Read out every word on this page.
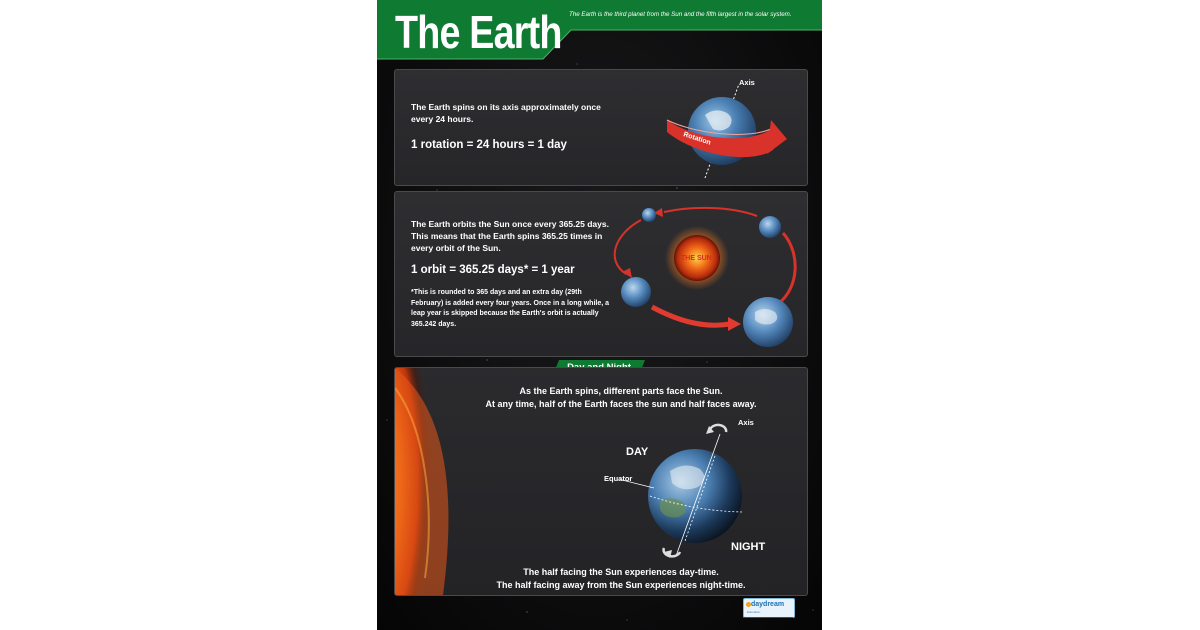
The Earth The Earth is the third planet from the Sun and the fifth largest in the solar system.
The Earth spins on its axis approximately once every 24 hours.
1 rotation = 24 hours = 1 day	Rotation
Axis
The Earth orbits the Sun once every 365.25 days. This means that the Earth spins 365.25 times in every orbit of the Sun.
1 orbit = 365.25 days* = 1 year
*This is rounded to 365 days and an extra day (29th February) is added every four years. Once in a long while, a leap year is skipped because the Earth's orbit is actually 365.242 days.
THE SUN
As the Earth spins, different parts face the Sun.
At any time, half of the Earth faces the sun and half faces away.
Axis
DAY
Equator
NIGHT
The half facing the Sun experiences day-time.
The half facing away from the Sun experiences night-time.
daydream
Education
